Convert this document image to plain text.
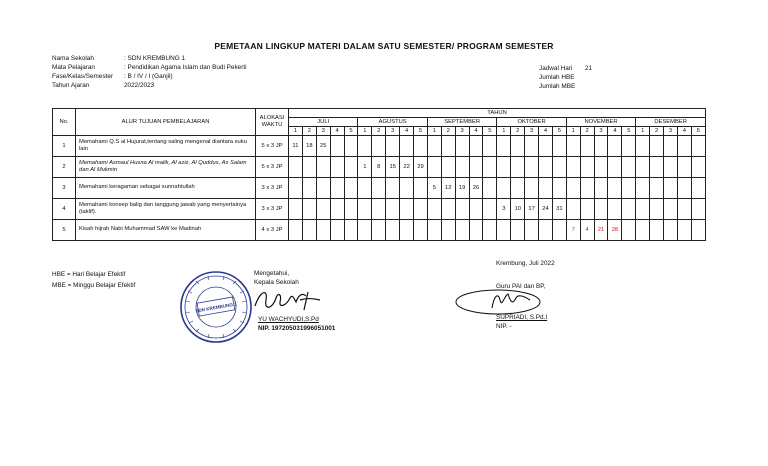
PEMETAAN LINGKUP MATERI DALAM SATU SEMESTER/ PROGRAM SEMESTER
Nama Sekolah	: SDN KREMBUNG 1
Mata Pelajaran	: Pendidikan Agama Islam dan Budi Pekerti
Fase/Kelas/Semester : B / IV / I (Ganjil)
Tahun Ajaran	2022/2023
Jadwal Hari 21
Jumlah HBE
Jumlah MBE
No.	ALUR TUJUAN PEMBELAJARAN	ALOKASI WAKTU	TAHUN																													
			JULI					AGUSTUS					SEPTEMBER					OKTOBER					NOVEMBER					DESEMBER				
			1	2	3	4	5	1	2	3	4	5	1	2	3	4	5	1	2	3	4	5	1	2	3	4	5	1	2	3	4	5
1	Memahami Q.S al Hujurat,tentang saling mengenal diantara suku lain	5 x 3 JP	11	18	25																											
2	Memahami Asmaul Husna Al malik, Al aziz, Al Quddus, As Salam dan Al Mukmin	5 x 3 JP						1	8	15	22	29																				
3	Memahami keragaman sebagai sunnahtullah	3 x 3 JP											5	12	19	26																
4	Memahami konsep balig dan tanggung jawab yang menyertainya (taklif).	3 x 3 JP																3	10	17	24	31										
5	Kisah hijrah Nabi Muhammad SAW ke Madinah	4 x 3 JP																					7	4	21	28						
HBE = Hari Belajar Efektif
MBE = Minggu Belajar Efektif
SDN KREMBUNG 1
Mengetahui,
Kepala Sekolah
YU WACHYUDI,S.Pd
NIP. 197205031996051001
Krembung, Juli 2022
Guru PAI dan BP,
SUPRIADI, S.Pd.I
NIP. -
